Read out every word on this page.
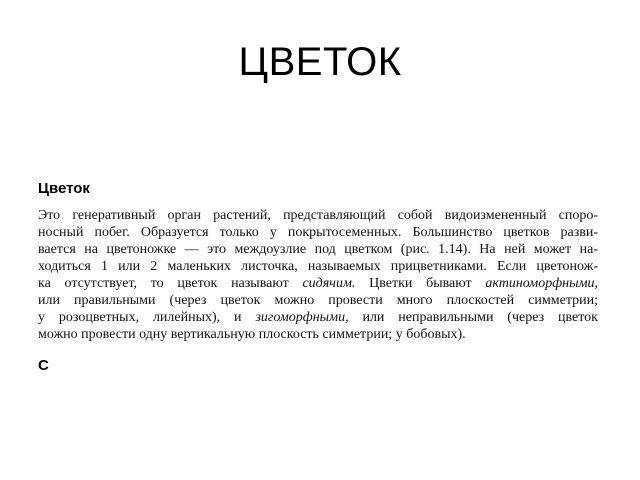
ЦВЕТОК
Цветок
Это генеративный орган растений, представляющий собой видоизмененный споро-
носный побег. Образуется только у покрытосеменных. Большинство цветков разви-
вается на цветоножке — это междоузлие под цветком (рис. 1.14). На ней может на-
ходиться 1 или 2 маленьких листочка, называемых прицветниками. Если цветонож-
ка отсутствует, то цветок называют сидячим. Цветки бывают актиноморфными,
или правильными (через цветок можно провести много плоскостей симметрии;
у розоцветных, лилейных), и зигоморфными, или неправильными (через цветок
можно провести одну вертикальную плоскость симметрии; у бобовых).
С
